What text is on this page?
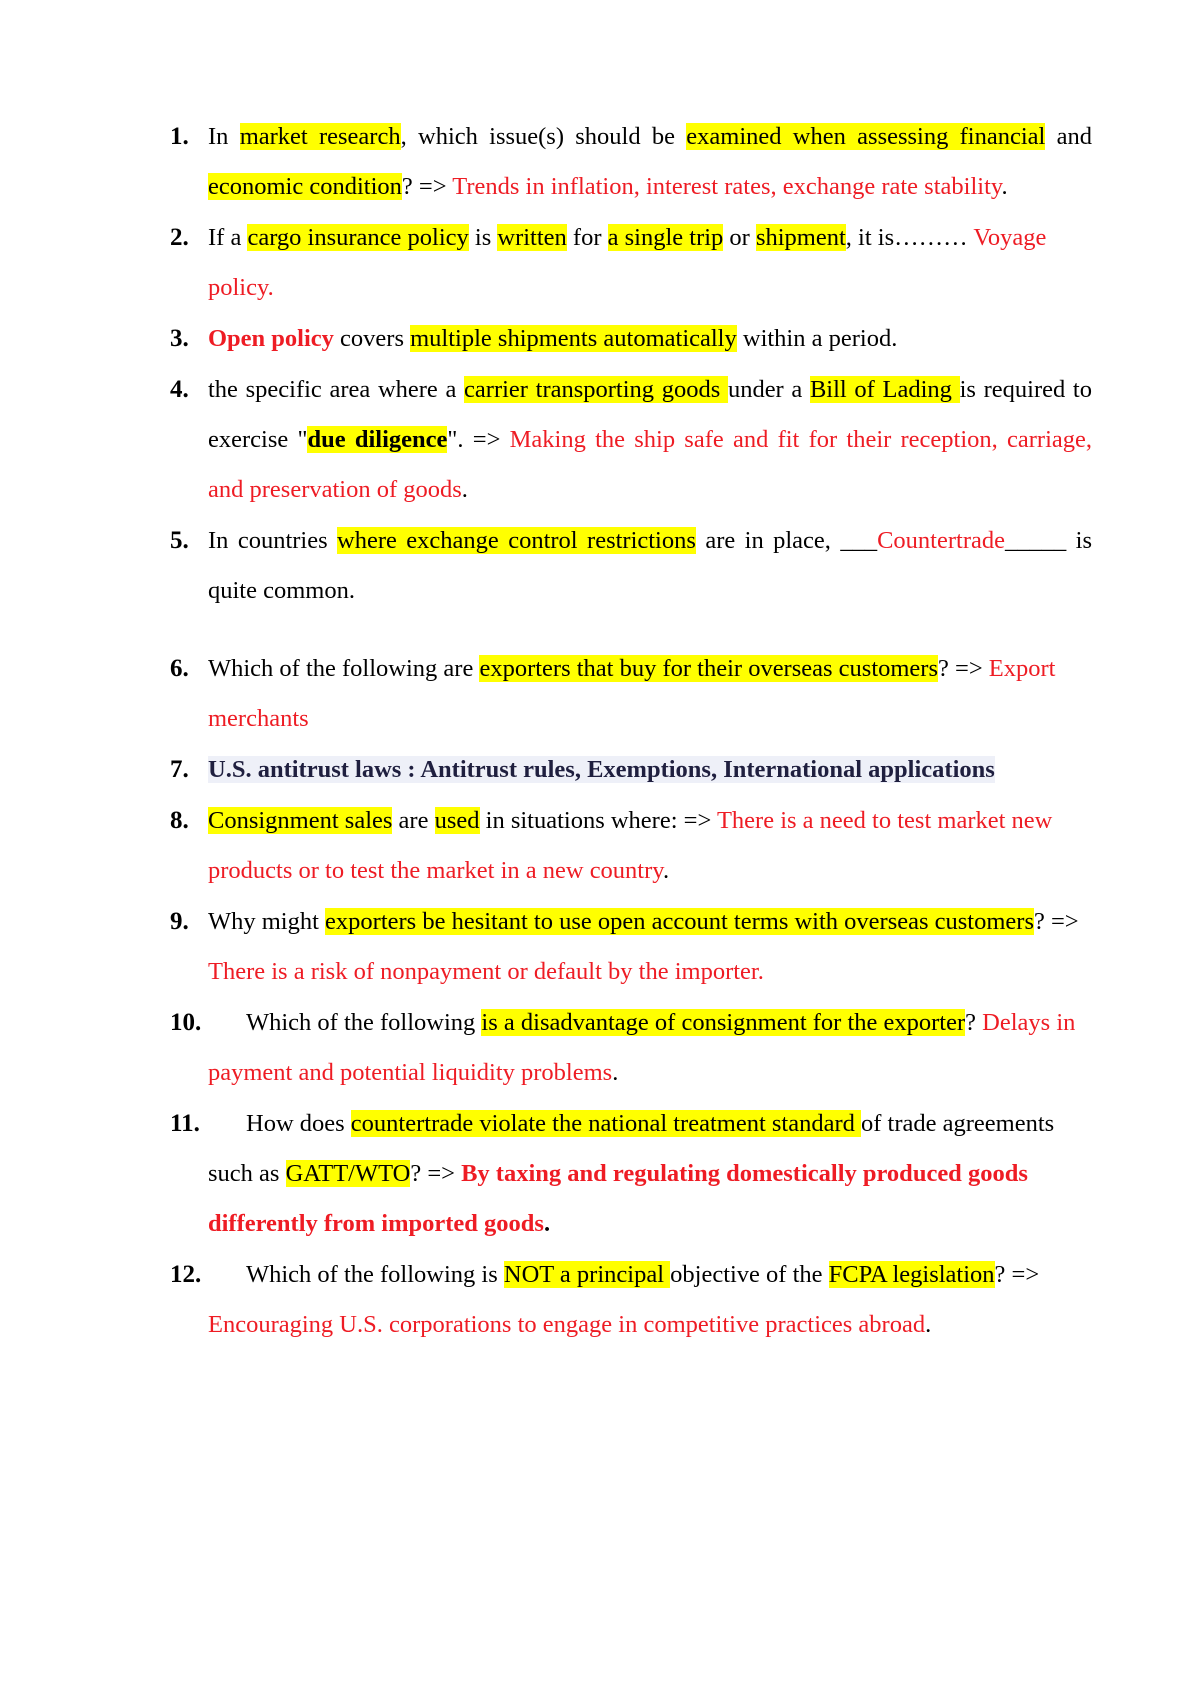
1. In market research, which issue(s) should be examined when assessing financial and economic condition? => Trends in inflation, interest rates, exchange rate stability.
2. If a cargo insurance policy is written for a single trip or shipment, it is……… Voyage policy.
3. Open policy covers multiple shipments automatically within a period.
4. the specific area where a carrier transporting goods under a Bill of Lading is required to exercise "due diligence". => Making the ship safe and fit for their reception, carriage, and preservation of goods.
5. In countries where exchange control restrictions are in place, ___Countertrade_____ is quite common.
6. Which of the following are exporters that buy for their overseas customers? => Export merchants
7. U.S. antitrust laws : Antitrust rules, Exemptions, International applications
8. Consignment sales are used in situations where: => There is a need to test market new products or to test the market in a new country.
9. Why might exporters be hesitant to use open account terms with overseas customers? => There is a risk of nonpayment or default by the importer.
10. Which of the following is a disadvantage of consignment for the exporter? Delays in payment and potential liquidity problems.
11. How does countertrade violate the national treatment standard of trade agreements such as GATT/WTO? => By taxing and regulating domestically produced goods differently from imported goods.
12. Which of the following is NOT a principal objective of the FCPA legislation? => Encouraging U.S. corporations to engage in competitive practices abroad.
